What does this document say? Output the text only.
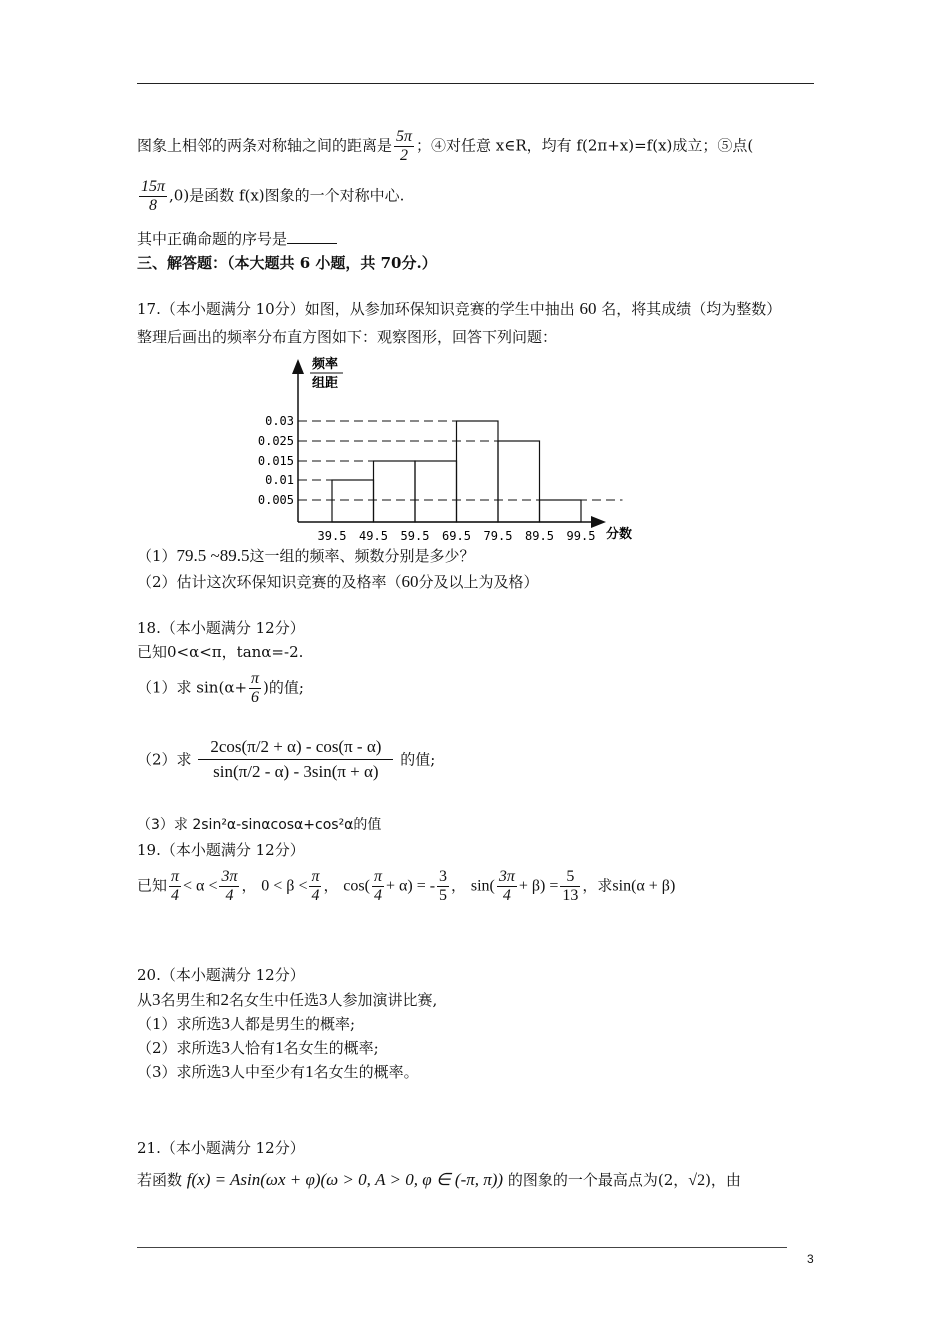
图象上相邻的两条对称轴之间的距离是 $\frac{5\pi}{2}$ ；④对任意 x∈R，均有 f(2π+x)=f(x)成立；⑤点(
$\frac{15\pi}{8} ,0$)是函数 f(x)图象的一个对称中心.
其中正确命题的序号是
三、解答题：（本大题共 6 小题，共 70分.）
17.（本小题满分 10分）如图，从参加环保知识竞赛的学生中抽出 60 名，将其成绩（均为整数）
整理后画出的频率分布直方图如下：观察图形，回答下列问题：
0.03
0.025
0.015
0.01
0.005
39.5 49.5 59.5 69.5 79.5 89.5 99.5
频率
组距
分数
（1）79.5 ~89.5这一组的频率、频数分别是多少？
（2）估计这次环保知识竞赛的及格率（60分及以上为及格）
18.（本小题满分 12分）
已知0<α<π，tanα=-2.
（1）求 $\sin(\alpha+ \frac{\pi}{6}$ )的值;
（2）求 $\frac{2\cos(\pi/2 + \alpha) - \cos(\pi - \alpha)}{\sin(\pi/2 - \alpha) - 3\sin(\pi + \alpha)}$ 的值;
（3）求 2sin²α-sinαcosα+cos²α的值
19.（本小题满分 12分）
已知 $\frac{\pi}{4} < \alpha < \frac{3\pi}{4}$ ， $0 < \beta < \frac{\pi}{4}$ ， $\cos( \frac{\pi}{4} + \alpha)$ = - $\frac{3}{5}$ ， $\sin( \frac{3\pi}{4} + \beta) = \frac{5}{13}$ ，求sin(α + β)
20.（本小题满分 12分）
从3名男生和2名女生中任选3人参加演讲比赛,
（1）求所选3人都是男生的概率;
（2）求所选3人恰有1名女生的概率;
（3）求所选3人中至少有1名女生的概率。
21.（本小题满分 12分）
若函数 f(x) = Asin(ωx + φ)(ω > 0, A > 0, φ ∈ (-π, π)) 的图象的一个最高点为(2，√2)，由
3
